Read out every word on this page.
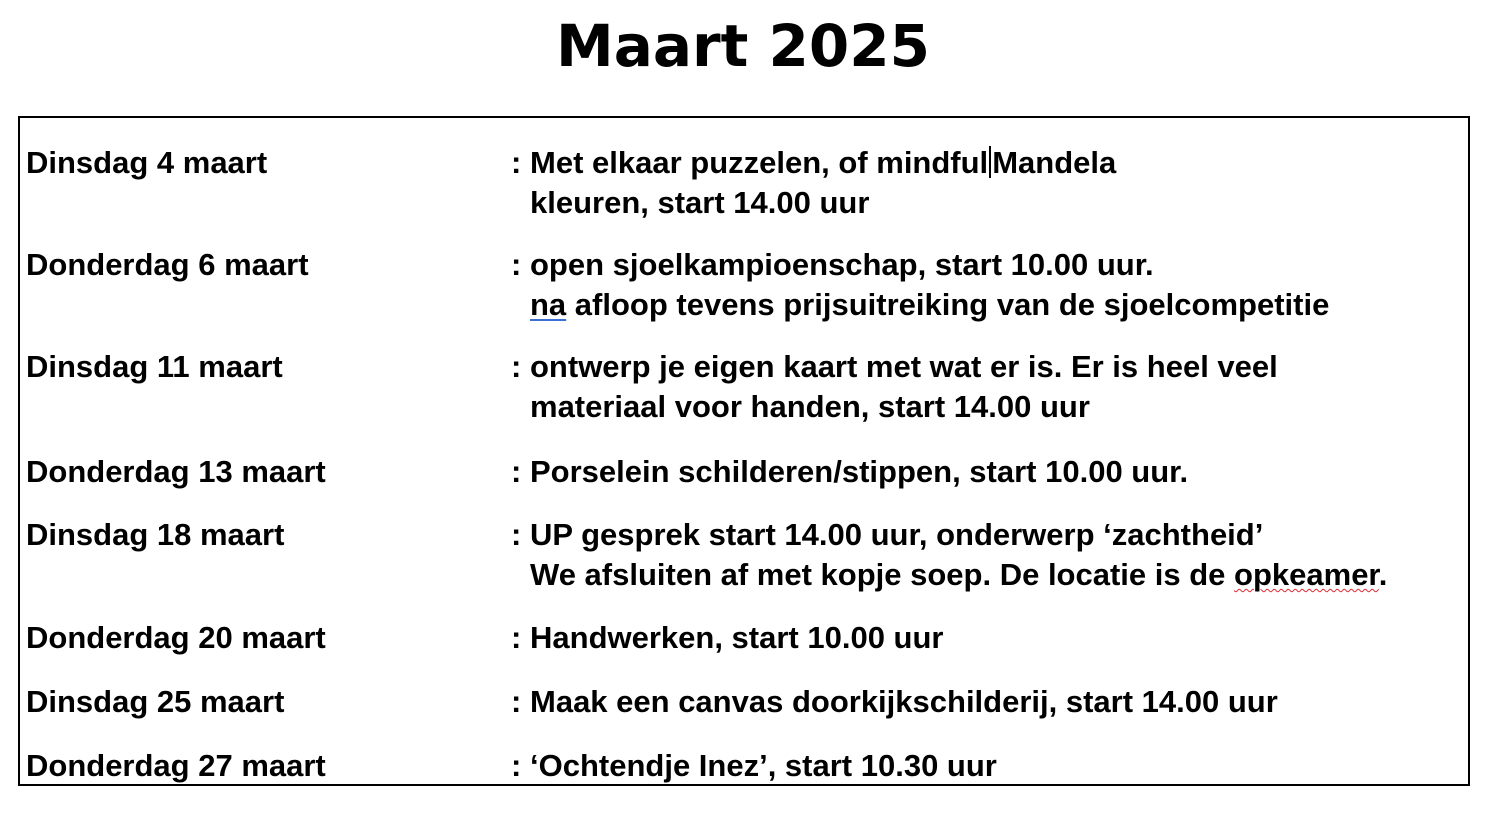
Maart 2025
Dinsdag 4 maart	: Met elkaar puzzelen, of mindful Mandela
kleuren, start 14.00 uur
Donderdag 6 maart	: open sjoelkampioenschap, start 10.00 uur.
na afloop tevens prijsuitreiking van de sjoelcompetitie
Dinsdag 11 maart	: ontwerp je eigen kaart met wat er is. Er is heel veel
materiaal voor handen, start 14.00 uur
Donderdag 13 maart	: Porselein schilderen/stippen, start 10.00 uur.
Dinsdag 18 maart	: UP gesprek start 14.00 uur, onderwerp ‘zachtheid’
We afsluiten af met kopje soep. De locatie is de opkeamer.
Donderdag 20 maart	: Handwerken, start 10.00 uur
Dinsdag 25 maart	: Maak een canvas doorkijkschilderij, start 14.00 uur
Donderdag 27 maart	: ‘Ochtendje Inez’, start 10.30 uur
